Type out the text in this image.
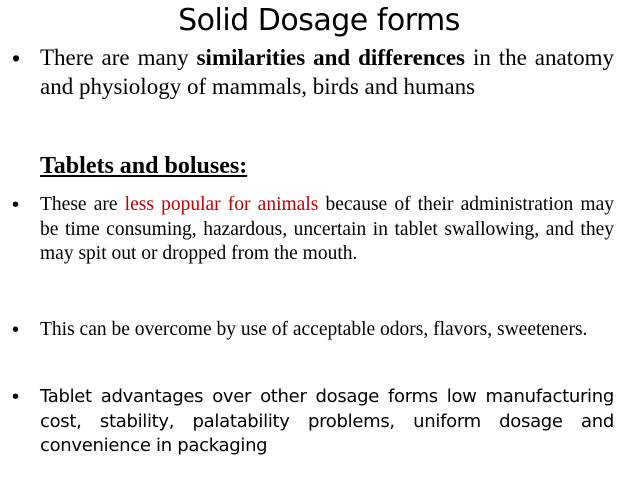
Solid Dosage forms
• There are many similarities and differences in the anatomy and physiology of mammals, birds and humans
Tablets and boluses:
• These are less popular for animals because of their administration may be time consuming, hazardous, uncertain in tablet swallowing, and they may spit out or dropped from the mouth.
• This can be overcome by use of acceptable odors, flavors, sweeteners.
• Tablet advantages over other dosage forms low manufacturing cost, stability, palatability problems, uniform dosage and convenience in packaging
